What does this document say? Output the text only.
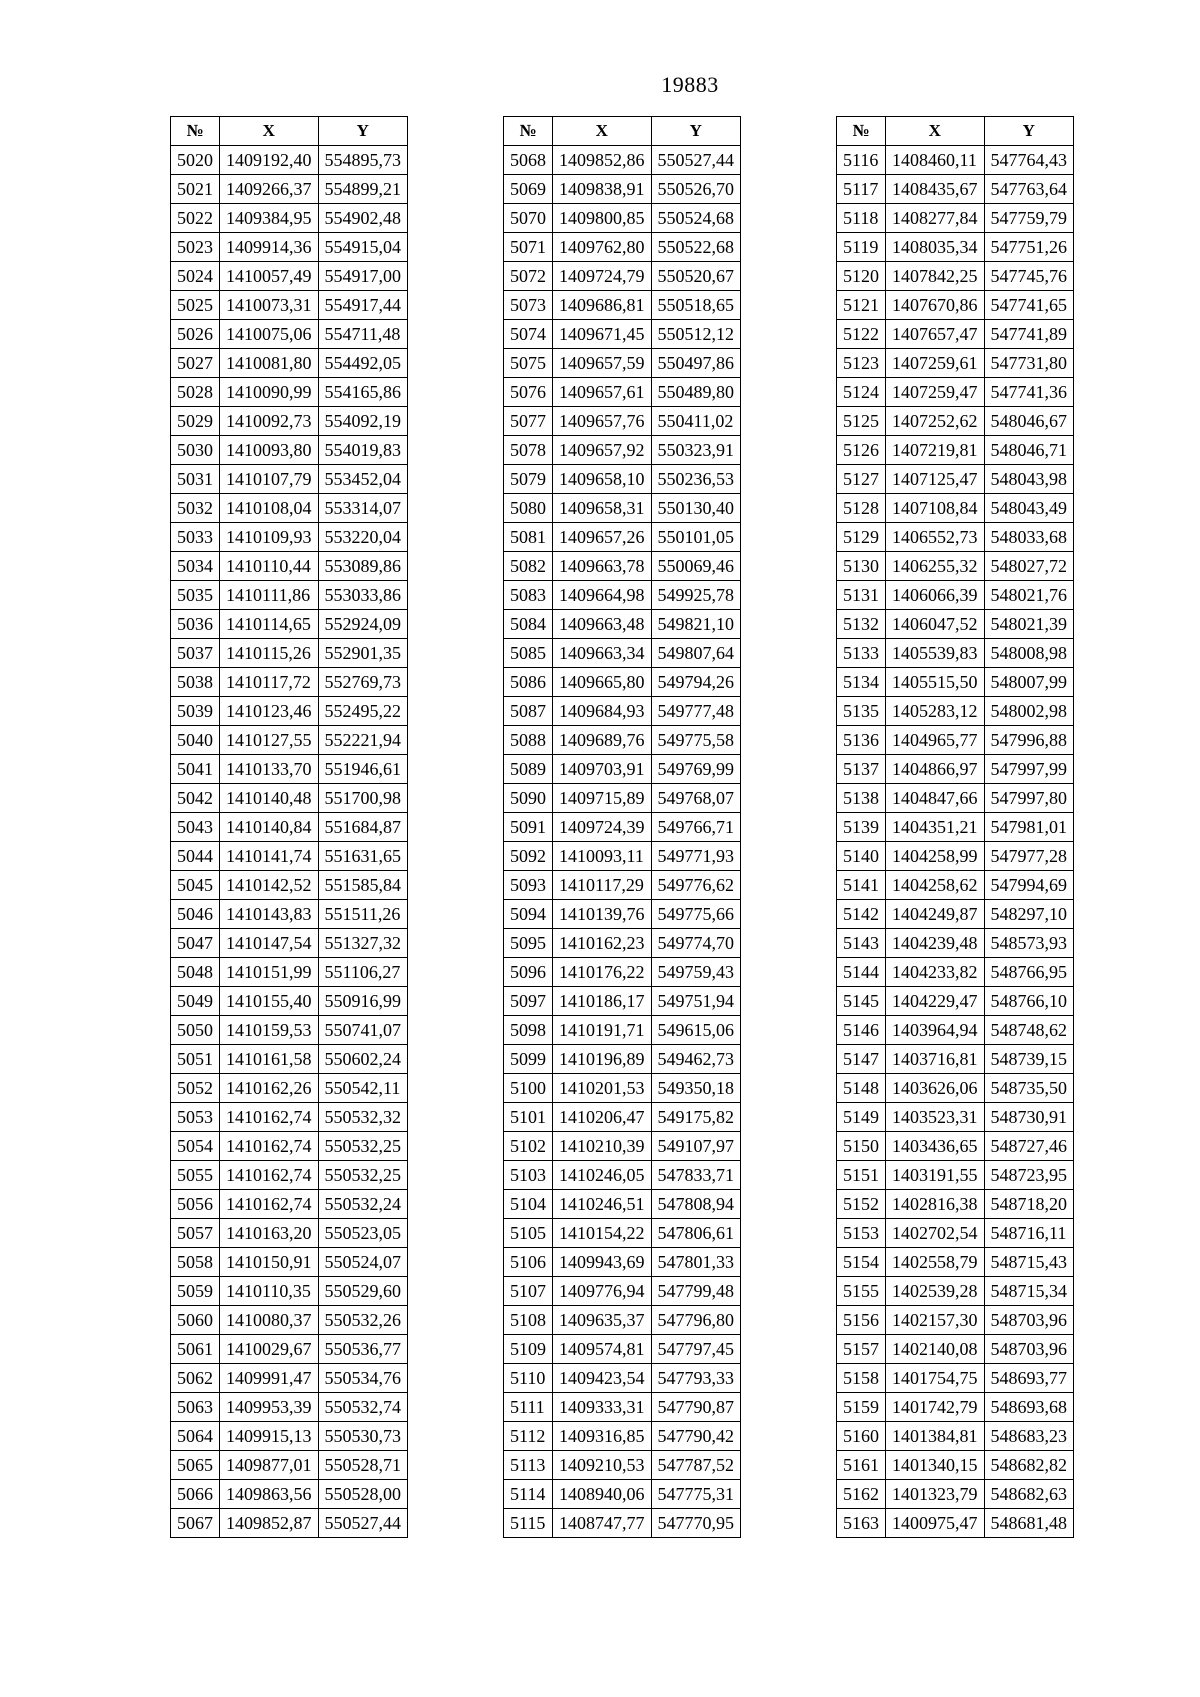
19883
№	X	Y
5020	1409192,40	554895,73
5021	1409266,37	554899,21
5022	1409384,95	554902,48
5023	1409914,36	554915,04
5024	1410057,49	554917,00
5025	1410073,31	554917,44
5026	1410075,06	554711,48
5027	1410081,80	554492,05
5028	1410090,99	554165,86
5029	1410092,73	554092,19
5030	1410093,80	554019,83
5031	1410107,79	553452,04
5032	1410108,04	553314,07
5033	1410109,93	553220,04
5034	1410110,44	553089,86
5035	1410111,86	553033,86
5036	1410114,65	552924,09
5037	1410115,26	552901,35
5038	1410117,72	552769,73
5039	1410123,46	552495,22
5040	1410127,55	552221,94
5041	1410133,70	551946,61
5042	1410140,48	551700,98
5043	1410140,84	551684,87
5044	1410141,74	551631,65
5045	1410142,52	551585,84
5046	1410143,83	551511,26
5047	1410147,54	551327,32
5048	1410151,99	551106,27
5049	1410155,40	550916,99
5050	1410159,53	550741,07
5051	1410161,58	550602,24
5052	1410162,26	550542,11
5053	1410162,74	550532,32
5054	1410162,74	550532,25
5055	1410162,74	550532,25
5056	1410162,74	550532,24
5057	1410163,20	550523,05
5058	1410150,91	550524,07
5059	1410110,35	550529,60
5060	1410080,37	550532,26
5061	1410029,67	550536,77
5062	1409991,47	550534,76
5063	1409953,39	550532,74
5064	1409915,13	550530,73
5065	1409877,01	550528,71
5066	1409863,56	550528,00
5067	1409852,87	550527,44
№	X	Y
5068	1409852,86	550527,44
5069	1409838,91	550526,70
5070	1409800,85	550524,68
5071	1409762,80	550522,68
5072	1409724,79	550520,67
5073	1409686,81	550518,65
5074	1409671,45	550512,12
5075	1409657,59	550497,86
5076	1409657,61	550489,80
5077	1409657,76	550411,02
5078	1409657,92	550323,91
5079	1409658,10	550236,53
5080	1409658,31	550130,40
5081	1409657,26	550101,05
5082	1409663,78	550069,46
5083	1409664,98	549925,78
5084	1409663,48	549821,10
5085	1409663,34	549807,64
5086	1409665,80	549794,26
5087	1409684,93	549777,48
5088	1409689,76	549775,58
5089	1409703,91	549769,99
5090	1409715,89	549768,07
5091	1409724,39	549766,71
5092	1410093,11	549771,93
5093	1410117,29	549776,62
5094	1410139,76	549775,66
5095	1410162,23	549774,70
5096	1410176,22	549759,43
5097	1410186,17	549751,94
5098	1410191,71	549615,06
5099	1410196,89	549462,73
5100	1410201,53	549350,18
5101	1410206,47	549175,82
5102	1410210,39	549107,97
5103	1410246,05	547833,71
5104	1410246,51	547808,94
5105	1410154,22	547806,61
5106	1409943,69	547801,33
5107	1409776,94	547799,48
5108	1409635,37	547796,80
5109	1409574,81	547797,45
5110	1409423,54	547793,33
5111	1409333,31	547790,87
5112	1409316,85	547790,42
5113	1409210,53	547787,52
5114	1408940,06	547775,31
5115	1408747,77	547770,95
№	X	Y
5116	1408460,11	547764,43
5117	1408435,67	547763,64
5118	1408277,84	547759,79
5119	1408035,34	547751,26
5120	1407842,25	547745,76
5121	1407670,86	547741,65
5122	1407657,47	547741,89
5123	1407259,61	547731,80
5124	1407259,47	547741,36
5125	1407252,62	548046,67
5126	1407219,81	548046,71
5127	1407125,47	548043,98
5128	1407108,84	548043,49
5129	1406552,73	548033,68
5130	1406255,32	548027,72
5131	1406066,39	548021,76
5132	1406047,52	548021,39
5133	1405539,83	548008,98
5134	1405515,50	548007,99
5135	1405283,12	548002,98
5136	1404965,77	547996,88
5137	1404866,97	547997,99
5138	1404847,66	547997,80
5139	1404351,21	547981,01
5140	1404258,99	547977,28
5141	1404258,62	547994,69
5142	1404249,87	548297,10
5143	1404239,48	548573,93
5144	1404233,82	548766,95
5145	1404229,47	548766,10
5146	1403964,94	548748,62
5147	1403716,81	548739,15
5148	1403626,06	548735,50
5149	1403523,31	548730,91
5150	1403436,65	548727,46
5151	1403191,55	548723,95
5152	1402816,38	548718,20
5153	1402702,54	548716,11
5154	1402558,79	548715,43
5155	1402539,28	548715,34
5156	1402157,30	548703,96
5157	1402140,08	548703,96
5158	1401754,75	548693,77
5159	1401742,79	548693,68
5160	1401384,81	548683,23
5161	1401340,15	548682,82
5162	1401323,79	548682,63
5163	1400975,47	548681,48
